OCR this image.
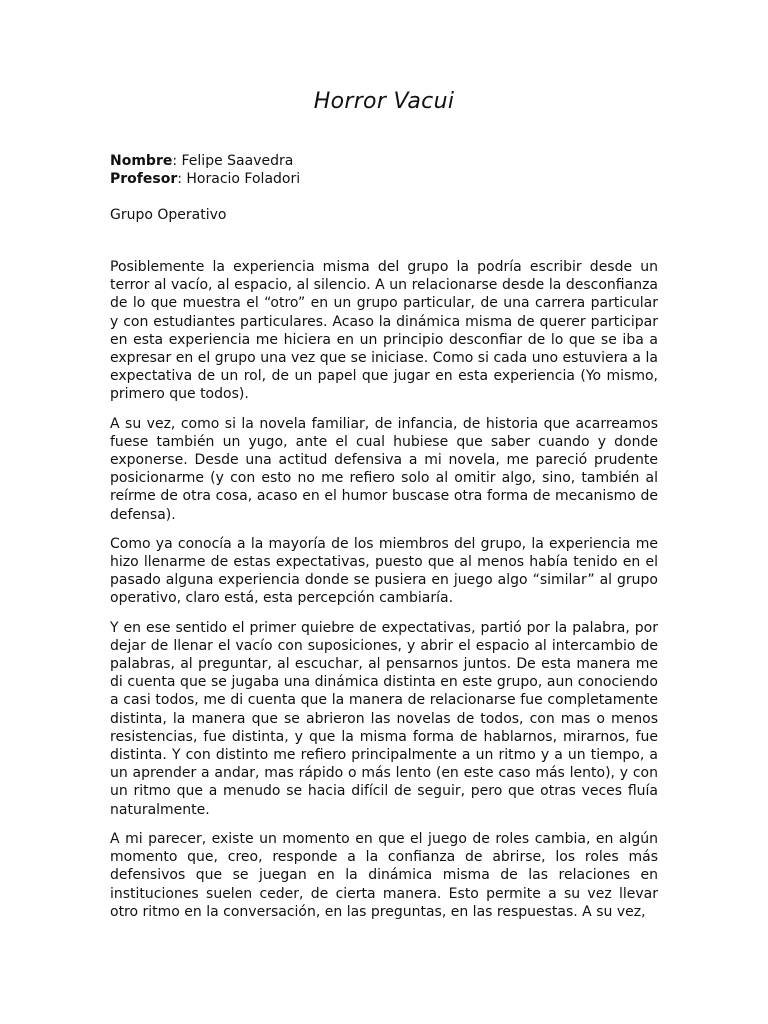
Horror Vacui
Nombre: Felipe Saavedra
Profesor: Horacio Foladori
Grupo Operativo

Posiblemente la experiencia misma del grupo la podría escribir desde un terror al vacío, al espacio, al silencio. A un relacionarse desde la desconfianza de lo que muestra el “otro” en un grupo particular, de una carrera particular y con estudiantes particulares. Acaso la dinámica misma de querer participar en esta experiencia me hiciera en un principio desconfiar de lo que se iba a expresar en el grupo una vez que se iniciase. Como si cada uno estuviera a la expectativa de un rol, de un papel que jugar en esta experiencia (Yo mismo, primero que todos).

A su vez, como si la novela familiar, de infancia, de historia que acarreamos fuese también un yugo, ante el cual hubiese que saber cuando y donde exponerse. Desde una actitud defensiva a mi novela, me pareció prudente posicionarme (y con esto no me refiero solo al omitir algo, sino, también al reírme de otra cosa, acaso en el humor buscase otra forma de mecanismo de defensa).

Como ya conocía a la mayoría de los miembros del grupo, la experiencia me hizo llenarme de estas expectativas, puesto que al menos había tenido en el pasado alguna experiencia donde se pusiera en juego algo “similar” al grupo operativo, claro está, esta percepción cambiaría.

Y en ese sentido el primer quiebre de expectativas, partió por la palabra, por dejar de llenar el vacío con suposiciones, y abrir el espacio al intercambio de palabras, al preguntar, al escuchar, al pensarnos juntos. De esta manera me di cuenta que se jugaba una dinámica distinta en este grupo, aun conociendo a casi todos, me di cuenta que la manera de relacionarse fue completamente distinta, la manera que se abrieron las novelas de todos, con mas o menos resistencias, fue distinta, y que la misma forma de hablarnos, mirarnos, fue distinta. Y con distinto me refiero principalmente a un ritmo y a un tiempo, a un aprender a andar, mas rápido o más lento (en este caso más lento), y con un ritmo que a menudo se hacia difícil de seguir, pero que otras veces fluía naturalmente.

A mi parecer, existe un momento en que el juego de roles cambia, en algún momento que, creo, responde a la confianza de abrirse, los roles más defensivos que se juegan en la dinámica misma de las relaciones en instituciones suelen ceder, de cierta manera. Esto permite a su vez llevar otro ritmo en la conversación, en las preguntas, en las respuestas. A su vez,
